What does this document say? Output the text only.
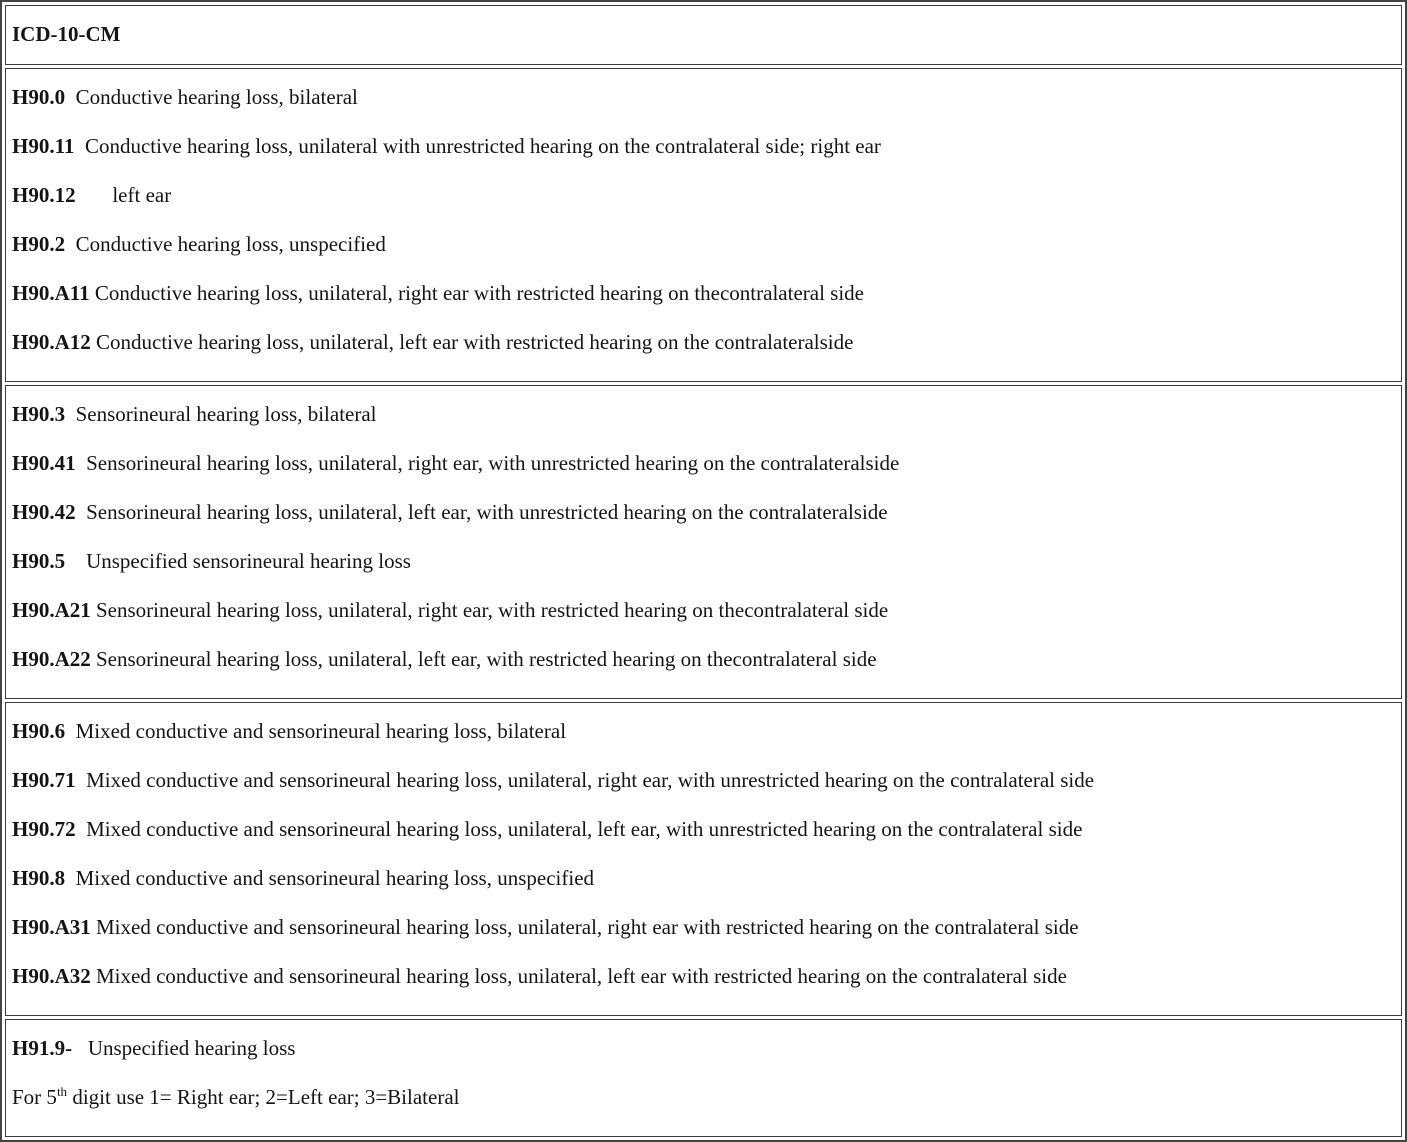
ICD-10-CM

H90.0  Conductive hearing loss, bilateral

H90.11  Conductive hearing loss, unilateral with unrestricted hearing on the contralateral side; right ear

H90.12       left ear

H90.2  Conductive hearing loss, unspecified

H90.A11 Conductive hearing loss, unilateral, right ear with restricted hearing on thecontralateral side

H90.A12 Conductive hearing loss, unilateral, left ear with restricted hearing on the contralateralside

H90.3  Sensorineural hearing loss, bilateral

H90.41  Sensorineural hearing loss, unilateral, right ear, with unrestricted hearing on the contralateralside

H90.42  Sensorineural hearing loss, unilateral, left ear, with unrestricted hearing on the contralateralside

H90.5    Unspecified sensorineural hearing loss

H90.A21 Sensorineural hearing loss, unilateral, right ear, with restricted hearing on thecontralateral side

H90.A22 Sensorineural hearing loss, unilateral, left ear, with restricted hearing on thecontralateral side

H90.6  Mixed conductive and sensorineural hearing loss, bilateral

H90.71  Mixed conductive and sensorineural hearing loss, unilateral, right ear, with unrestricted hearing on the contralateral side

H90.72  Mixed conductive and sensorineural hearing loss, unilateral, left ear, with unrestricted hearing on the contralateral side

H90.8  Mixed conductive and sensorineural hearing loss, unspecified

H90.A31 Mixed conductive and sensorineural hearing loss, unilateral, right ear with restricted hearing on the contralateral side

H90.A32 Mixed conductive and sensorineural hearing loss, unilateral, left ear with restricted hearing on the contralateral side

H91.9-   Unspecified hearing loss

For 5th digit use 1= Right ear; 2=Left ear; 3=Bilateral
